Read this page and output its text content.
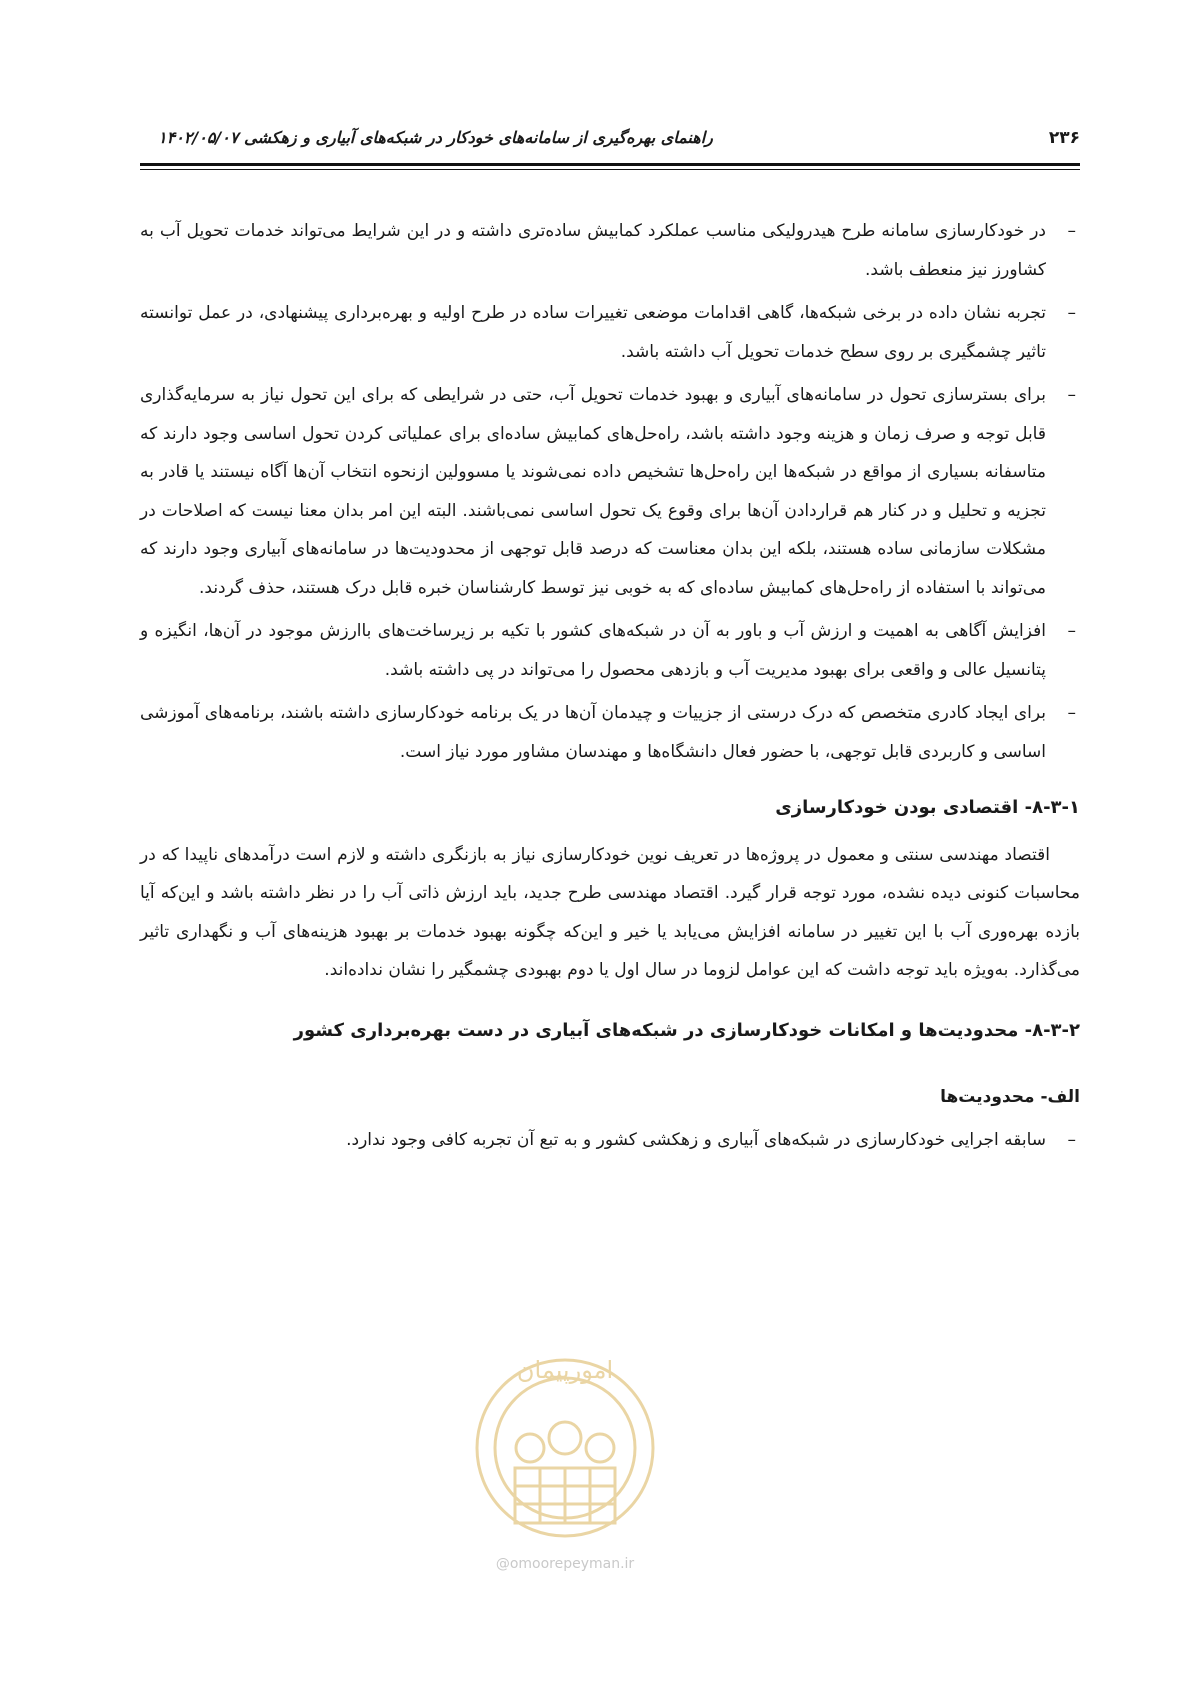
۲۳۶
راهنمای بهره‌گیری از سامانه‌های خودکار در شبکه‌های آبیاری و زهکشی ۱۴۰۲/۰۵/۰۷
–
در خودکارسازی سامانه طرح هیدرولیکی مناسب عملکرد کمابیش ساده‌تری داشته و در این شرایط می‌تواند خدمات تحویل آب به کشاورز نیز منعطف باشد.
–
تجربه نشان داده در برخی شبکه‌ها، گاهی اقدامات موضعی تغییرات ساده در طرح اولیه و بهره‌برداری پیشنهادی، در عمل توانسته تاثیر چشمگیری بر روی سطح خدمات تحویل آب داشته باشد.
–
برای بسترسازی تحول در سامانه‌های آبیاری و بهبود خدمات تحویل آب، حتی در شرایطی که برای این تحول نیاز به سرمایه‌گذاری قابل توجه و صرف زمان و هزینه وجود داشته باشد، راه‌حل‌های کمابیش ساده‌ای برای عملیاتی کردن تحول اساسی وجود دارند که متاسفانه بسیاری از مواقع در شبکه‌ها این راه‌حل‌ها تشخیص داده نمی‌شوند یا مسوولین ازنحوه انتخاب آن‌ها آگاه نیستند یا قادر به تجزیه و تحلیل و در کنار هم قراردادن آن‌ها برای وقوع یک تحول اساسی نمی‌باشند. البته این امر بدان معنا نیست که اصلاحات در مشکلات سازمانی ساده هستند، بلکه این بدان معناست که درصد قابل توجهی از محدودیت‌ها در سامانه‌های آبیاری وجود دارند که می‌تواند با استفاده از راه‌حل‌های کمابیش ساده‌ای که به خوبی نیز توسط کارشناسان خبره قابل درک هستند، حذف گردند.
–
افزایش آگاهی به اهمیت و ارزش آب و باور به آن در شبکه‌های کشور با تکیه بر زیرساخت‌های باارزش موجود در آن‌ها، انگیزه و پتانسیل عالی و واقعی برای بهبود مدیریت آب و بازدهی محصول را می‌تواند در پی داشته باشد.
–
برای ایجاد کادری متخصص که درک درستی از جزییات و چیدمان آن‌ها در یک برنامه خودکارسازی داشته باشند، برنامه‌های آموزشی اساسی و کاربردی قابل توجهی، با حضور فعال دانشگاه‌ها و مهندسان مشاور مورد نیاز است.
۸-۳-۱- اقتصادی بودن خودکارسازی

اقتصاد مهندسی سنتی و معمول در پروژه‌ها در تعریف نوین خودکارسازی نیاز به بازنگری داشته و لازم است درآمدهای ناپیدا که در محاسبات کنونی دیده نشده، مورد توجه قرار گیرد. اقتصاد مهندسی طرح جدید، باید ارزش ذاتی آب را در نظر داشته باشد و این‌که آیا بازده بهره‌وری آب با این تغییر در سامانه افزایش می‌یابد یا خیر و این‌که چگونه بهبود خدمات بر بهبود هزینه‌های آب و نگهداری تاثیر می‌گذارد. به‌ویژه باید توجه داشت که این عوامل لزوما در سال اول یا دوم بهبودی چشمگیر را نشان نداده‌اند.

۸-۳-۲- محدودیت‌ها و امکانات خودکارسازی در شبکه‌های آبیاری در دست بهره‌برداری کشور
الف- محدودیت‌ها
–
سابقه اجرایی خودکارسازی در شبکه‌های آبیاری و زهکشی کشور و به تبع آن تجربه کافی وجود ندارد.
امورپیمان
@omoorepeyman.ir
